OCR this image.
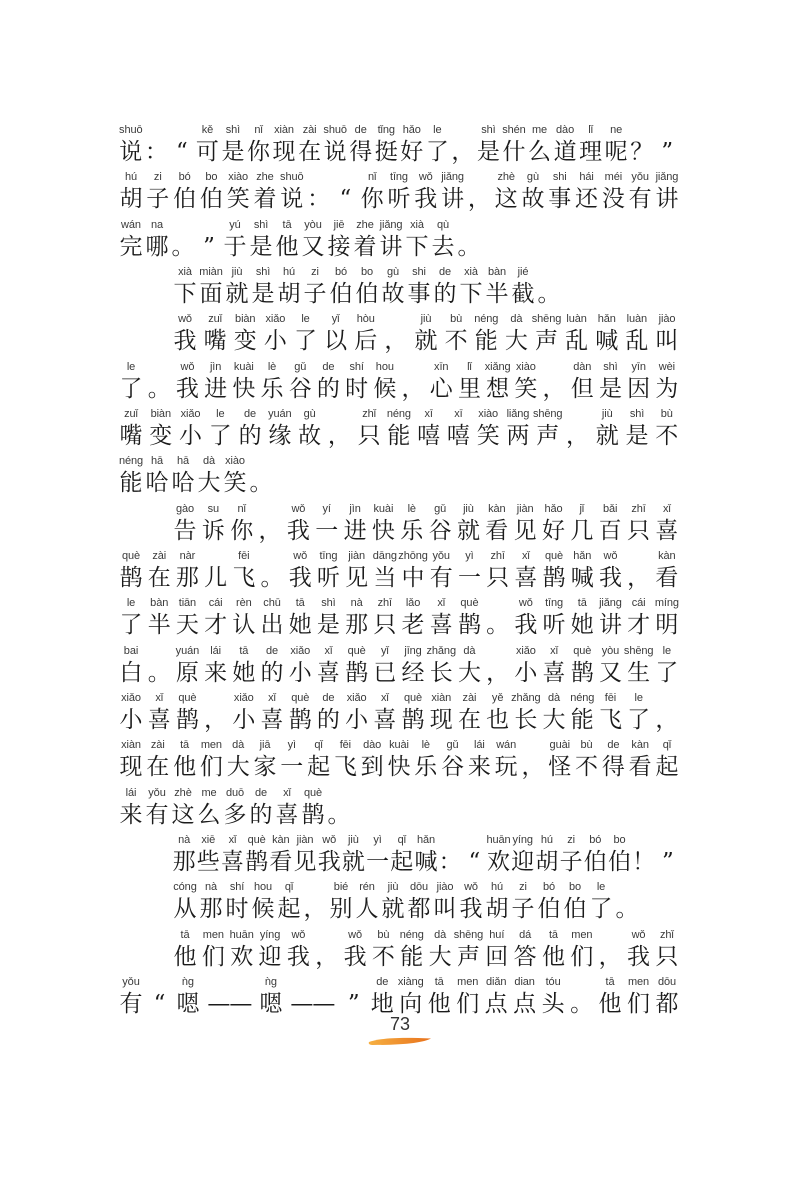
shuō
说 ： “
kě
可
shì
是
nǐ
你
xiàn
现
zài
在
shuō
说
de
得
tǐng
挺
hǎo
好
le
了 ，
shì
是
shén
什
me
么
dào
道
lǐ
理
ne
呢 ？ ”
hú
胡
zi
子
bó
伯
bo
伯
xiào
笑
zhe
着
shuō
说 ： “
nǐ
你
tīng
听
wǒ
我
jiǎng
讲 ，
zhè
这
gù
故
shi
事
hái
还
méi
没
yǒu
有
jiǎng
讲
wán
完
na
哪 。 ”
yú
于
shì
是
tā
他
yòu
又
jiē
接
zhe
着
jiǎng
讲
xià
下
qù
去 。
xià
下
miàn
面
jiù
就
shì
是
hú
胡
zi
子
bó
伯
bo
伯
gù
故
shi
事
de
的
xià
下
bàn
半
jié
截 。
wǒ
我
zuǐ
嘴
biàn
变
xiǎo
小
le
了
yǐ
以
hòu
后 ，
jiù
就
bù
不
néng
能
dà
大
shēng
声
luàn
乱
hǎn
喊
luàn
乱
jiào
叫
le
了 。
wǒ
我
jìn
进
kuài
快
lè
乐
gǔ
谷
de
的
shí
时
hou
候 ，
xīn
心
lǐ
里
xiǎng
想
xiào
笑 ，
dàn
但
shì
是
yīn
因
wèi
为
zuǐ
嘴
biàn
变
xiǎo
小
le
了
de
的
yuán
缘
gù
故 ，
zhǐ
只
néng
能
xī
嘻
xī
嘻
xiào
笑
liǎng
两
shēng
声 ，
jiù
就
shì
是
bù
不
néng
能
hā
哈
hā
哈
dà
大
xiào
笑 。
gào
告
su
诉
nǐ
你 ，
wǒ
我
yí
一
jìn
进
kuài
快
lè
乐
gǔ
谷
jiù
就
kàn
看
jiàn
见
hǎo
好
jǐ
几
bǎi
百
zhī
只
xǐ
喜
què
鹊
zài
在
nàr
那 儿
fēi
飞 。
wǒ
我
tīng
听
jiàn
见
dāng
当
zhōng
中
yǒu
有
yì
一
zhī
只
xǐ
喜
què
鹊
hǎn
喊
wǒ
我 ，
kàn
看
le
了
bàn
半
tiān
天
cái
才
rèn
认
chū
出
tā
她
shì
是
nà
那
zhī
只
lǎo
老
xǐ
喜
què
鹊 。
wǒ
我
tīng
听
tā
她
jiǎng
讲
cái
才
míng
明
bai
白 。
yuán
原
lái
来
tā
她
de
的
xiǎo
小
xǐ
喜
què
鹊
yǐ
已
jīng
经
zhǎng
长
dà
大 ，
xiǎo
小
xǐ
喜
què
鹊
yòu
又
shēng
生
le
了
xiǎo
小
xǐ
喜
què
鹊 ，
xiǎo
小
xǐ
喜
què
鹊
de
的
xiǎo
小
xǐ
喜
què
鹊
xiàn
现
zài
在
yě
也
zhǎng
长
dà
大
néng
能
fēi
飞
le
了 ，
xiàn
现
zài
在
tā
他
men
们
dà
大
jiā
家
yì
一
qǐ
起
fēi
飞
dào
到
kuài
快
lè
乐
gǔ
谷
lái
来
wán
玩 ，
guài
怪
bù
不
de
得
kàn
看
qǐ
起
lái
来
yǒu
有
zhè
这
me
么
duō
多
de
的
xǐ
喜
què
鹊 。
nà
那
xiē
些
xǐ
喜
què
鹊
kàn
看
jiàn
见
wǒ
我
jiù
就
yì
一
qǐ
起
hǎn
喊 ： “
huān
欢
yíng
迎
hú
胡
zi
子
bó
伯
bo
伯 ！ ”
cóng
从
nà
那
shí
时
hou
候
qǐ
起 ，
bié
别
rén
人
jiù
就
dōu
都
jiào
叫
wǒ
我
hú
胡
zi
子
bó
伯
bo
伯
le
了 。
tā
他
men
们
huān
欢
yíng
迎
wǒ
我 ，
wǒ
我
bù
不
néng
能
dà
大
shēng
声
huí
回
dá
答
tā
他
men
们 ，
wǒ
我
zhǐ
只
yǒu
有 “
ǹg
嗯 ——
ǹg
嗯 —— ”
de
地
xiàng
向
tā
他
men
们
diǎn
点
dian
点
tóu
头 。
tā
他
men
们
dōu
都
73
